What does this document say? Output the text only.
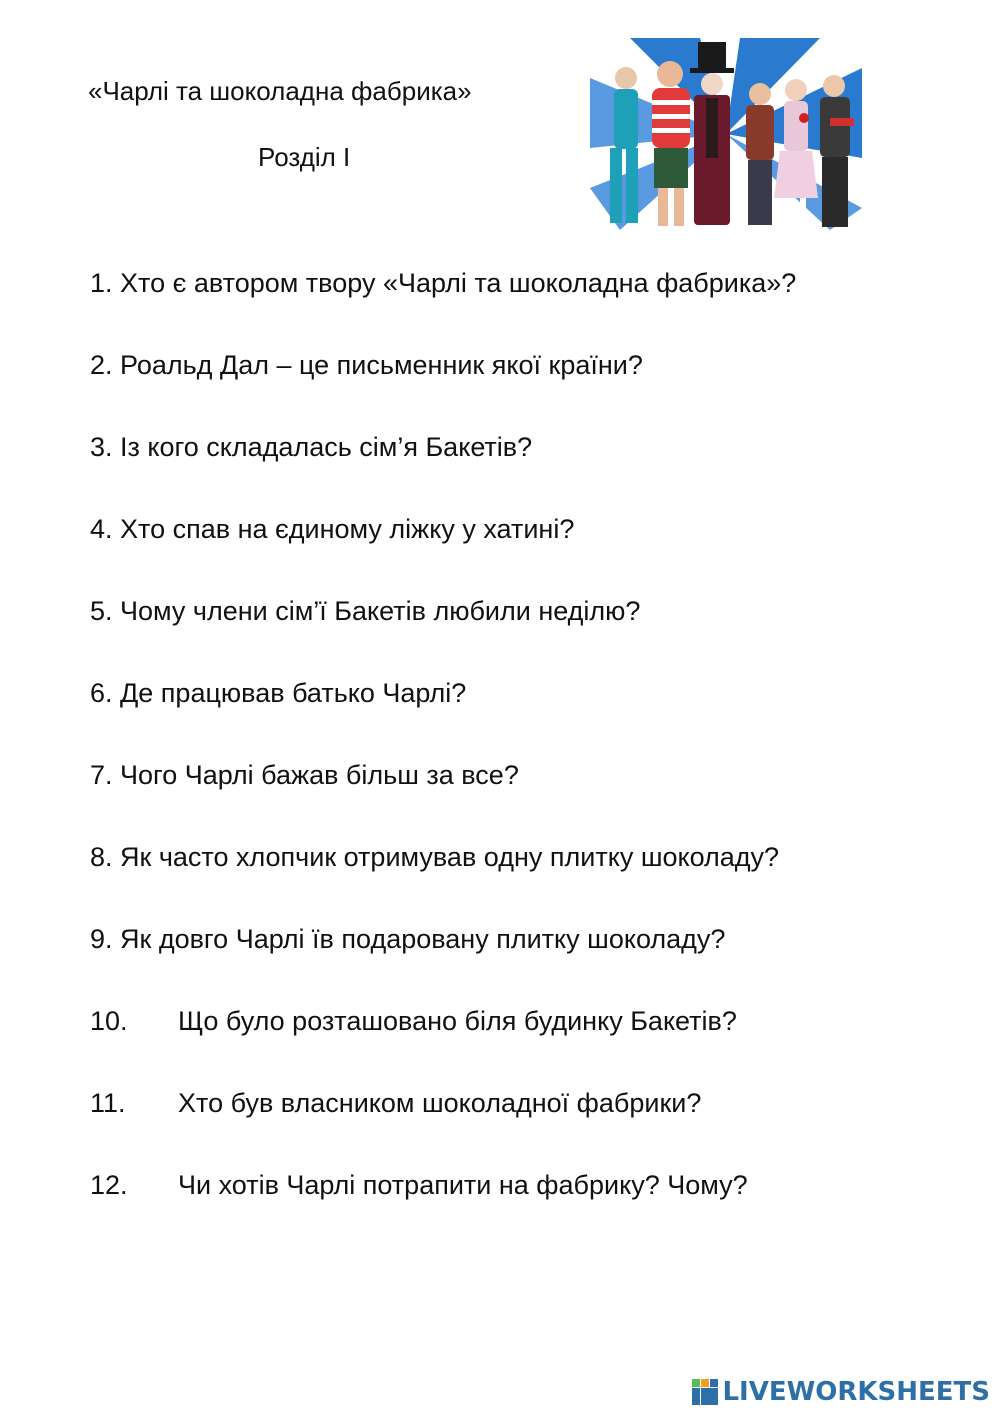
«Чарлі та шоколадна фабрика»
Розділ I
1. Хто є автором твору «Чарлі та шоколадна фабрика»?
2. Роальд Дал – це письменник якої країни?
3. Із кого складалась сім’я Бакетів?
4. Хто спав на єдиному ліжку у хатині?
5. Чому члени сім’ї Бакетів любили неділю?
6. Де працював батько Чарлі?
7. Чого Чарлі бажав більш за все?
8. Як часто хлопчик отримував одну плитку шоколаду?
9. Як довго Чарлі їв подаровану плитку шоколаду?
10.	Що було розташовано біля будинку Бакетів?
11.	Хто був власником шоколадної фабрики?
12.	Чи хотів Чарлі потрапити на фабрику? Чому?
LIVEWORKSHEETS
